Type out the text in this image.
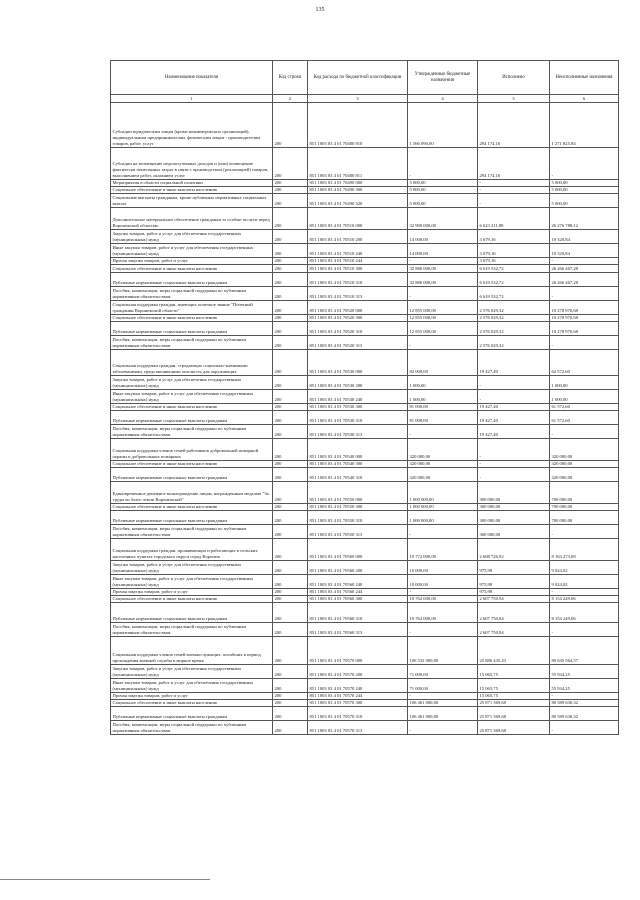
135
Наименование показателя	Код строки	Код расхода по бюджетной классификации	Утвержденные бюджетные назначения	Исполнено	Неисполненные назначения
1	2	3	4	5	6
Субсидии юридическим лицам (кроме некоммерческих организаций), индивидуальным предпринимателям, физическим лицам - производителям товаров, работ, услуг	200	851 1003 03 4 01 70480 810	1 566 090,00	294 174,16	1 271 825,84
Субсидии на возмещение недополученных доходов и (или) возмещение фактически понесенных затрат в связи с производством (реализацией) товаров, выполнением работ, оказанием услуг	200	851 1003 03 4 01 70480 811	-	294 174,16	-
Мероприятия в области социальной политики	200	851 1003 03 4 01 70490 000	5 000,00	-	5 000,00
Социальное обеспечение и иные выплаты населению	200	851 1003 03 4 01 70490 300	5 000,00	-	5 000,00
Социальные выплаты гражданам, кроме публичных нормативных социальных выплат	200	851 1003 03 4 01 70490 320	5 000,00	-	5 000,00
Дополнительное материальное обеспечение гражданам за особые заслуги перед Воронежской областью	200	851 1003 03 4 01 70510 000	32 900 000,00	6 623 211,88	26 276 788,12
Закупка товаров, работ и услуг для обеспечения государственных (муниципальных) нужд	200	851 1003 03 4 01 70510 200	14 000,00	3 679,16	10 320,84
Иные закупки товаров, работ и услуг для обеспечения государственных (муниципальных) нужд	200	851 1003 03 4 01 70510 240	14 000,00	3 679,16	10 320,84
Прочая закупка товаров, работ и услуг	200	851 1003 03 4 01 70510 244	-	3 679,16	-
Социальное обеспечение и иные выплаты населению	200	851 1003 03 4 01 70510 300	32 886 000,00	6 619 532,72	26 266 467,28
Публичные нормативные социальные выплаты гражданам	200	851 1003 03 4 01 70510 310	32 886 000,00	6 619 532,72	26 266 467,28
Пособия, компенсации, меры социальной поддержки по публичным нормативным обязательствам	200	851 1003 03 4 01 70510 313	-	6 619 532,72	-
Социальная поддержка граждан, имеющих почетное звание "Почетный гражданин Воронежской области"	200	851 1003 03 4 01 70520 000	12 855 000,00	2 576 029,32	10 278 970,68
Социальное обеспечение и иные выплаты населению	200	851 1003 03 4 01 70520 300	12 855 000,00	2 576 029,32	10 278 970,68
Публичные нормативные социальные выплаты гражданам	200	851 1003 03 4 01 70520 310	12 855 000,00	2 576 029,32	10 278 970,68
Пособия, компенсации, меры социальной поддержки по публичным нормативным обязательствам	200	851 1003 03 4 01 70520 313	-	2 576 029,32	-
Социальная поддержка граждан, страдающих социально-значимыми заболеваниями, представляющими опасность для окружающих	200	851 1003 03 4 01 70530 000	82 000,00	19 427,40	62 572,60
Закупка товаров, работ и услуг для обеспечения государственных (муниципальных) нужд	200	851 1003 03 4 01 70530 200	1 000,00	-	1 000,00
Иные закупки товаров, работ и услуг для обеспечения государственных (муниципальных) нужд	200	851 1003 03 4 01 70530 240	1 000,00	-	1 000,00
Социальное обеспечение и иные выплаты населению	200	851 1003 03 4 01 70530 300	81 000,00	19 427,40	61 572,60
Публичные нормативные социальные выплаты гражданам	200	851 1003 03 4 01 70530 310	81 000,00	19 427,40	61 572,60
Пособия, компенсации, меры социальной поддержки по публичным нормативным обязательствам	200	851 1003 03 4 01 70530 313	-	19 427,40	-
Социальная поддержка членов семей работников добровольной пожарной охраны и добровольных пожарных	200	851 1003 03 4 01 70540 000	320 000,00	-	320 000,00
Социальное обеспечение и иные выплаты населению	200	851 1003 03 4 01 70540 300	320 000,00	-	320 000,00
Публичные нормативные социальные выплаты гражданам	200	851 1003 03 4 01 70540 310	320 000,00	-	320 000,00
Единовременное денежное вознаграждение лицам, награжденным медалью "За труды во благо земли Воронежской"	200	851 1003 03 4 01 70550 000	1 000 000,00	300 000,00	700 000,00
Социальное обеспечение и иные выплаты населению	200	851 1003 03 4 01 70550 300	1 000 000,00	300 000,00	700 000,00
Публичные нормативные социальные выплаты гражданам	200	851 1003 03 4 01 70550 310	1 000 000,00	300 000,00	700 000,00
Пособия, компенсации, меры социальной поддержки по публичным нормативным обязательствам	200	851 1003 03 4 01 70550 313	-	300 000,00	-
Социальная поддержка граждан, проживающих и работающих в сельских населенных пунктах городского округа город Воронеж	200	851 1003 03 4 01 70560 000	10 772 000,00	2 608 726,92	8 163 273,08
Закупка товаров, работ и услуг для обеспечения государственных (муниципальных) нужд	200	851 1003 03 4 01 70560 200	10 000,00	975,98	9 024,02
Иные закупки товаров, работ и услуг для обеспечения государственных (муниципальных) нужд	200	851 1003 03 4 01 70560 240	10 000,00	975,98	9 024,02
Прочая закупка товаров, работ и услуг	200	851 1003 03 4 01 70560 244	-	975,98	-
Социальное обеспечение и иные выплаты населению	200	851 1003 03 4 01 70560 300	10 762 000,00	2 607 750,94	8 154 249,06
Публичные нормативные социальные выплаты гражданам	200	851 1003 03 4 01 70560 310	10 762 000,00	2 607 750,94	8 154 249,06
Пособия, компенсации, меры социальной поддержки по публичным нормативным обязательствам	200	851 1003 03 4 01 70560 313	-	2 607 750,94	-
Социальная поддержка членов семей военнослужащих, погибших в период прохождения военной службы в мирное время	200	851 1003 03 4 01 70570 000	106 532 000,00	25 886 435,43	80 645 564,57
Закупка товаров, работ и услуг для обеспечения государственных (муниципальных) нужд	200	851 1003 03 4 01 70570 200	71 000,00	15 065,75	55 934,25
Иные закупки товаров, работ и услуг для обеспечения государственных (муниципальных) нужд	200	851 1003 03 4 01 70570 240	71 000,00	15 065,75	55 934,25
Прочая закупка товаров, работ и услуг	200	851 1003 03 4 01 70570 244	-	15 065,75	-
Социальное обеспечение и иные выплаты населению	200	851 1003 03 4 01 70570 300	106 461 000,00	25 871 369,68	80 589 630,32
Публичные нормативные социальные выплаты гражданам	200	851 1003 03 4 01 70570 310	106 461 000,00	25 871 369,68	80 589 630,32
Пособия, компенсации, меры социальной поддержки по публичным нормативным обязательствам	200	851 1003 03 4 01 70570 313	-	25 871 369,68	-
